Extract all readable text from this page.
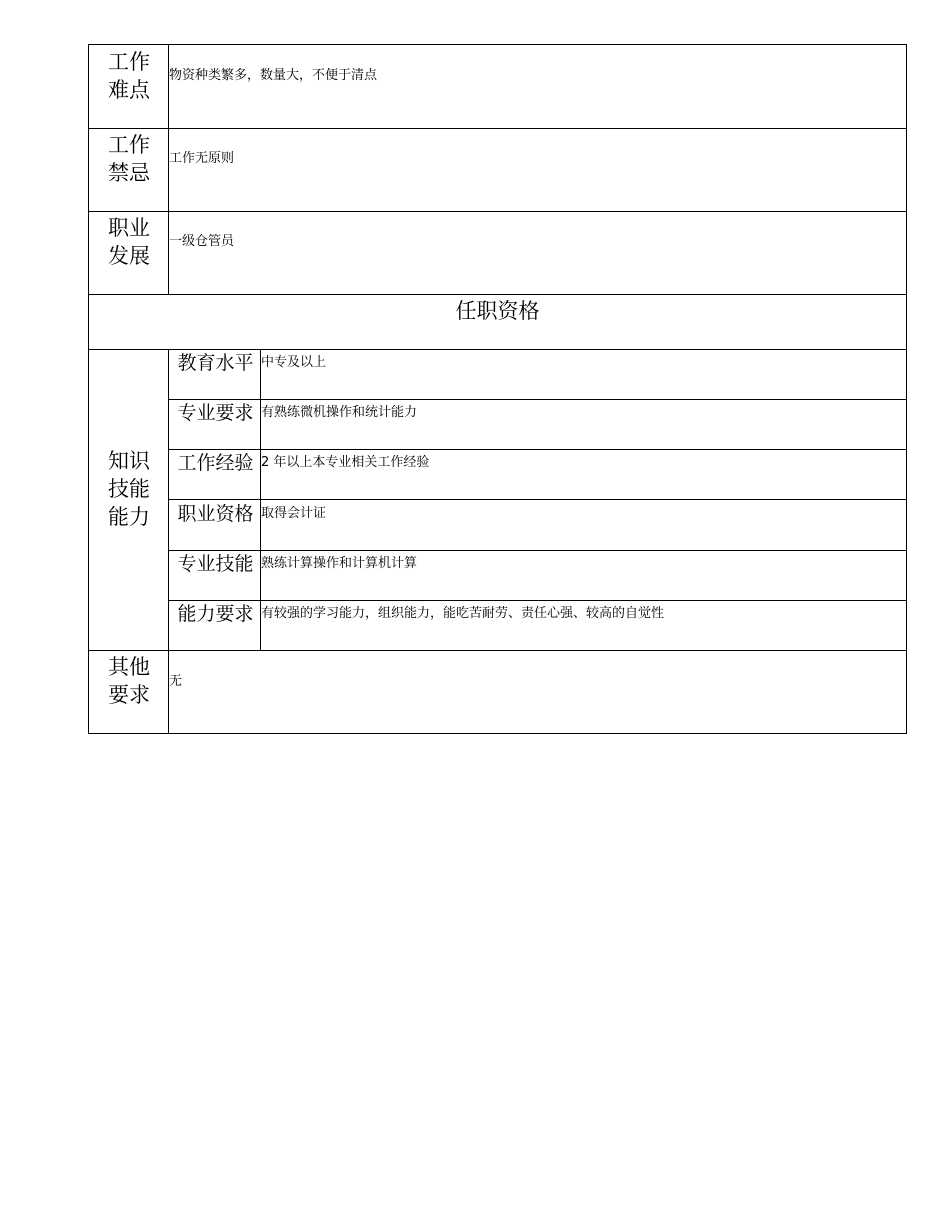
工作
难点
物资种类繁多，数量大，不便于清点
工作
禁忌
工作无原则
职业
发展
一级仓管员
任职资格
知识
技能
能力
教育水平 中专及以上
专业要求 有熟练微机操作和统计能力
工作经验 2 年以上本专业相关工作经验
职业资格 取得会计证
专业技能 熟练计算操作和计算机计算
能力要求 有较强的学习能力，组织能力，能吃苦耐劳、责任心强、较高的自觉性
其他
要求
无
